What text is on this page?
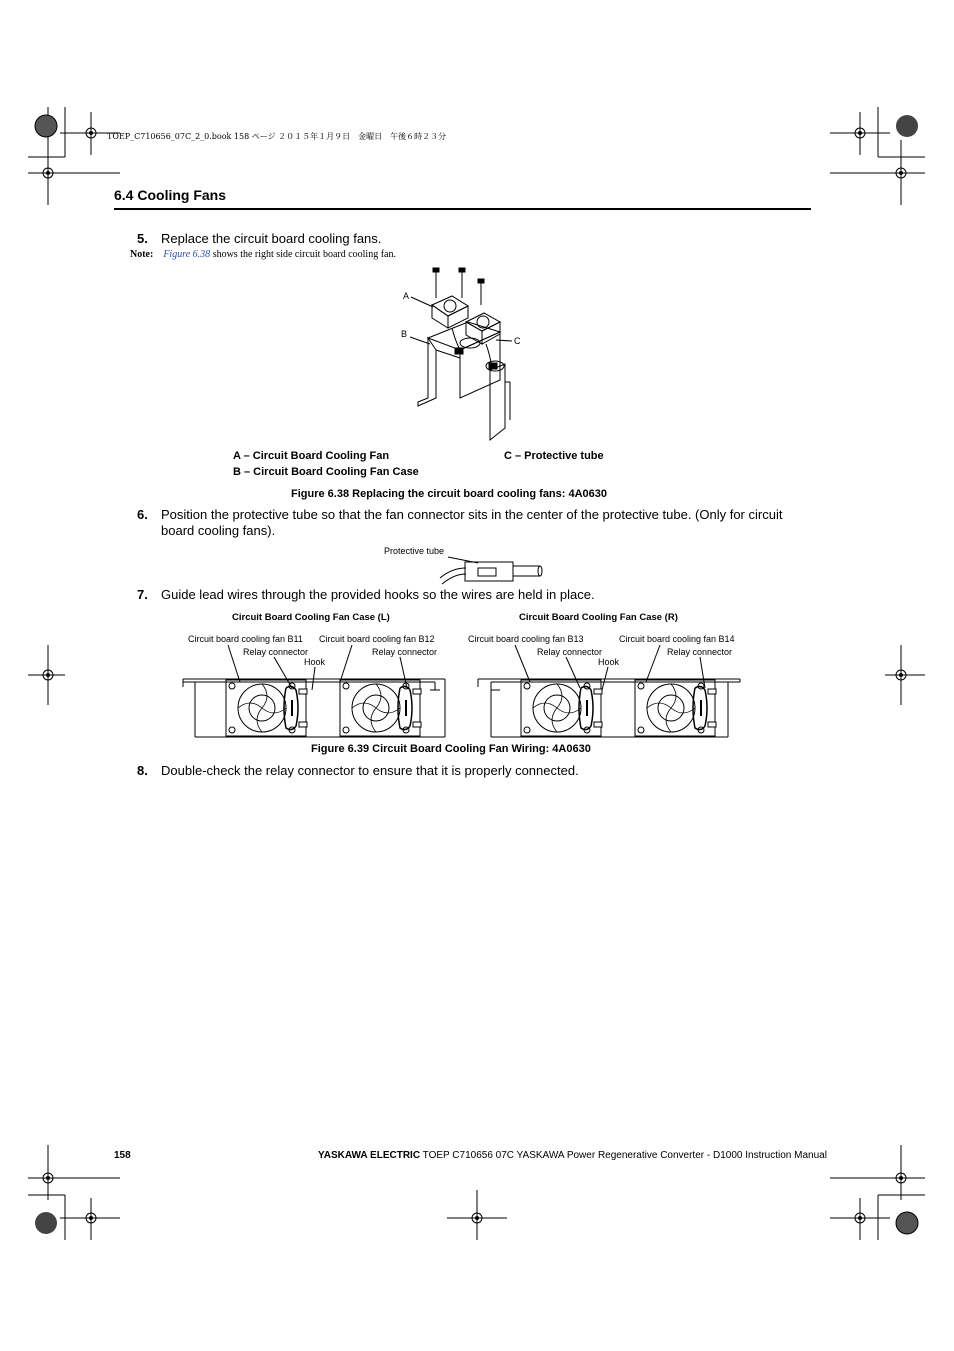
TOEP_C710656_07C_2_0.book 158 ページ ２０１５年１月９日　金曜日　午後６時２３分
6.4 Cooling Fans
5. Replace the circuit board cooling fans.
Note: Figure 6.38 shows the right side circuit board cooling fan.
A
B
C
A – Circuit Board Cooling Fan
B – Circuit Board Cooling Fan Case
C – Protective tube
Figure 6.38 Replacing the circuit board cooling fans: 4A0630
6. Position the protective tube so that the fan connector sits in the center of the protective tube. (Only for circuit
board cooling fans).
Protective tube
7. Guide lead wires through the provided hooks so the wires are held in place.
Circuit Board Cooling Fan Case (L)	Circuit Board Cooling Fan Case (R)
Circuit board cooling fan B11 Circuit board cooling fan B12	Circuit board cooling fan B13	Circuit board cooling fan B14
Relay connector	Relay connector	Relay connector	Relay connector
Hook	Hook
Figure 6.39 Circuit Board Cooling Fan Wiring: 4A0630
8. Double-check the relay connector to ensure that it is properly connected.
158	YASKAWA ELECTRIC TOEP C710656 07C YASKAWA Power Regenerative Converter - D1000 Instruction Manual
